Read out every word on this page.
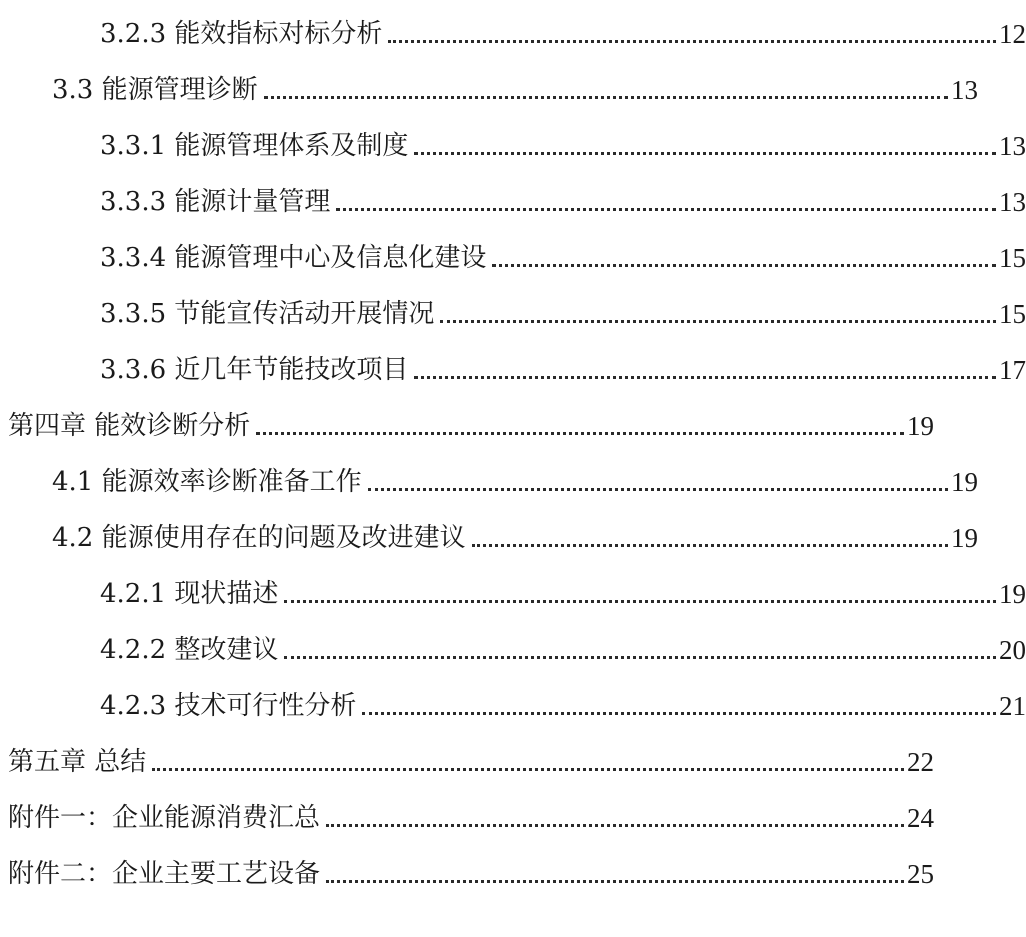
3.2.3 能效指标对标分析	12
3.3 能源管理诊断	13
3.3.1 能源管理体系及制度	13
3.3.3 能源计量管理	13
3.3.4 能源管理中心及信息化建设	15
3.3.5 节能宣传活动开展情况	15
3.3.6 近几年节能技改项目	17
第四章 能效诊断分析	19
4.1 能源效率诊断准备工作	19
4.2 能源使用存在的问题及改进建议	19
4.2.1 现状描述	19
4.2.2 整改建议	20
4.2.3 技术可行性分析	21
第五章 总结	22
附件一：企业能源消费汇总	24
附件二：企业主要工艺设备	25
